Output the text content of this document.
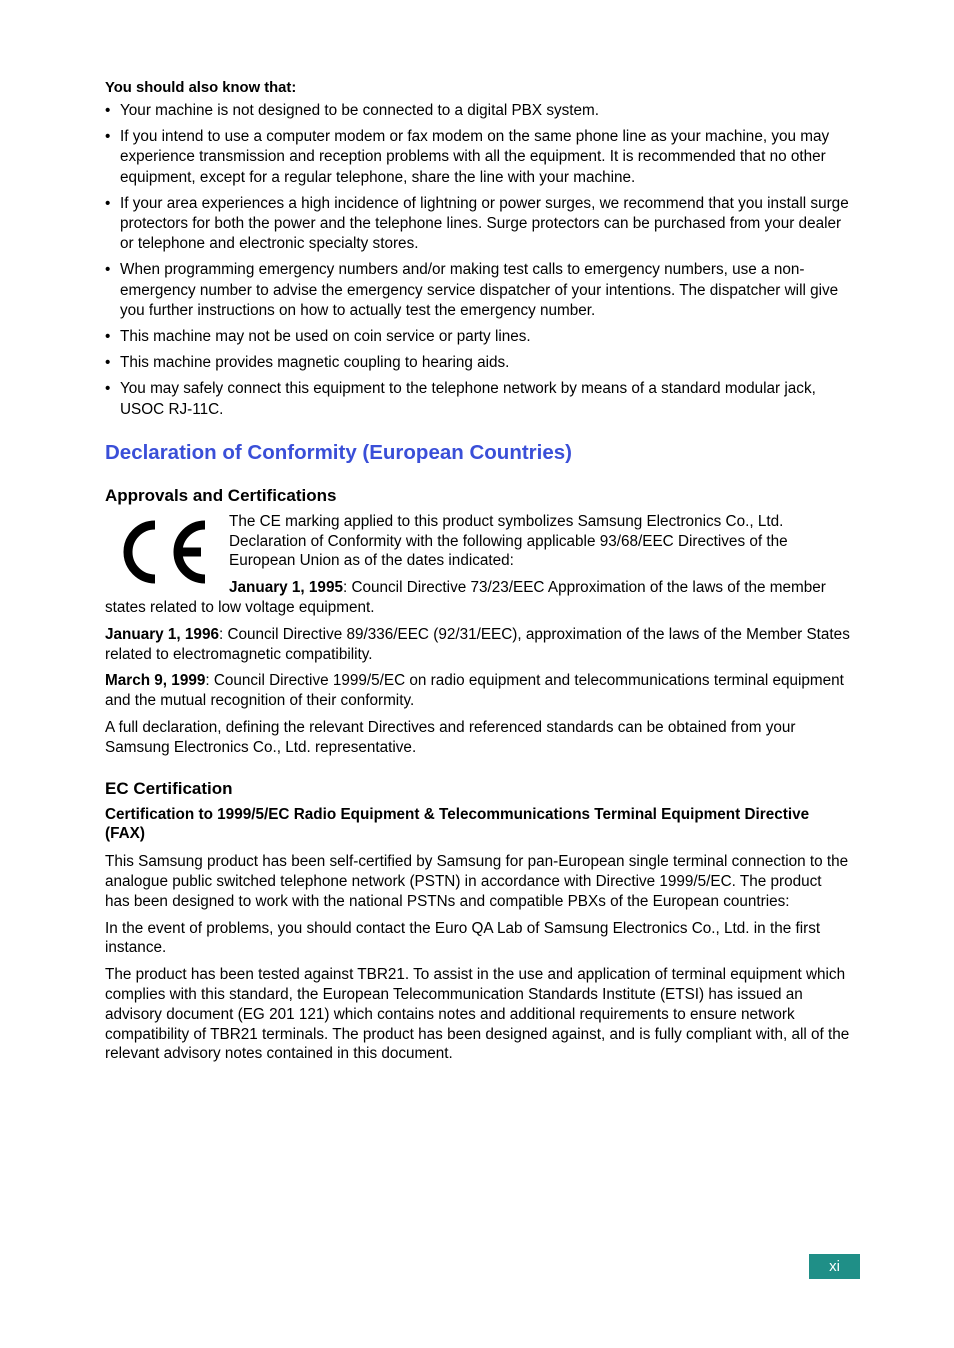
You should also know that:

• Your machine is not designed to be connected to a digital PBX system.
• If you intend to use a computer modem or fax modem on the same phone line as your machine, you may experience transmission and reception problems with all the equipment. It is recommended that no other equipment, except for a regular telephone, share the line with your machine.
• If your area experiences a high incidence of lightning or power surges, we recommend that you install surge protectors for both the power and the telephone lines. Surge protectors can be purchased from your dealer or telephone and electronic specialty stores.
• When programming emergency numbers and/or making test calls to emergency numbers, use a non-emergency number to advise the emergency service dispatcher of your intentions. The dispatcher will give you further instructions on how to actually test the emergency number.
• This machine may not be used on coin service or party lines.
• This machine provides magnetic coupling to hearing aids.
• You may safely connect this equipment to the telephone network by means of a standard modular jack, USOC RJ-11C.
Declaration of Conformity (European Countries)
Approvals and Certifications

The CE marking applied to this product symbolizes Samsung Electronics Co., Ltd. Declaration of Conformity with the following applicable 93/68/EEC Directives of the European Union as of the dates indicated:

January 1, 1995: Council Directive 73/23/EEC Approximation of the laws of the member states related to low voltage equipment.

January 1, 1996: Council Directive 89/336/EEC (92/31/EEC), approximation of the laws of the Member States related to electromagnetic compatibility.

March 9, 1999: Council Directive 1999/5/EC on radio equipment and telecommunications terminal equipment and the mutual recognition of their conformity.

A full declaration, defining the relevant Directives and referenced standards can be obtained from your Samsung Electronics Co., Ltd. representative.

EC Certification

Certification to 1999/5/EC Radio Equipment & Telecommunications Terminal Equipment Directive (FAX)

This Samsung product has been self-certified by Samsung for pan-European single terminal connection to the analogue public switched telephone network (PSTN) in accordance with Directive 1999/5/EC. The product has been designed to work with the national PSTNs and compatible PBXs of the European countries:

In the event of problems, you should contact the Euro QA Lab of Samsung Electronics Co., Ltd. in the first instance.

The product has been tested against TBR21. To assist in the use and application of terminal equipment which complies with this standard, the European Telecommunication Standards Institute (ETSI) has issued an advisory document (EG 201 121) which contains notes and additional requirements to ensure network compatibility of TBR21 terminals. The product has been designed against, and is fully compliant with, all of the relevant advisory notes contained in this document.

xi
